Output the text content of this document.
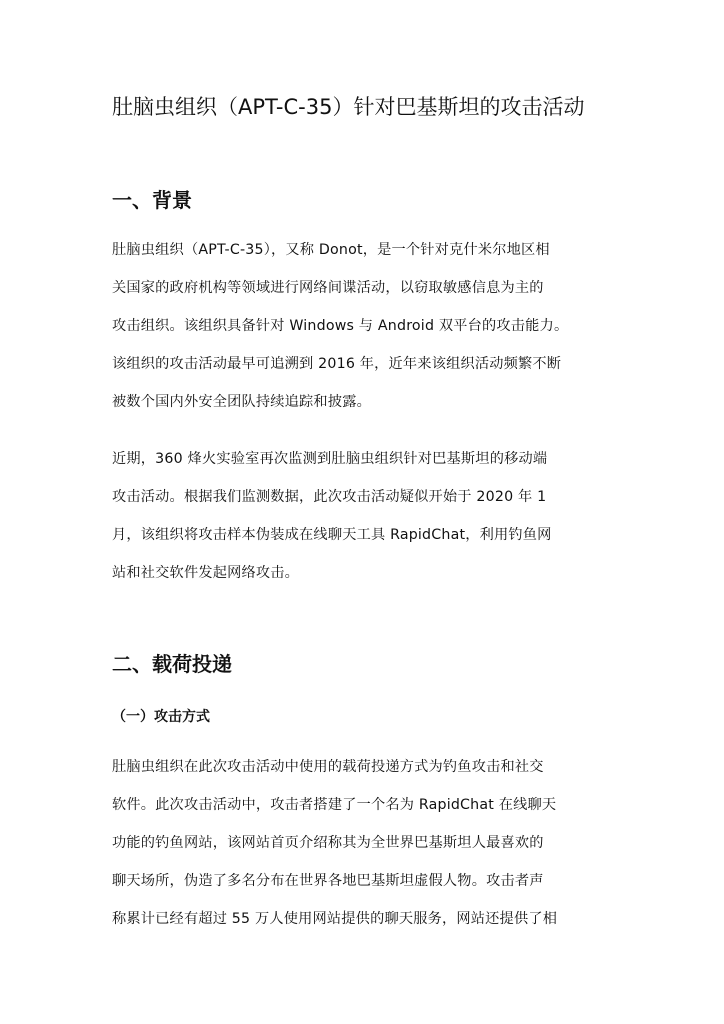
肚脑虫组织（APT-C-35）针对巴基斯坦的攻击活动
一、背景
肚脑虫组织（APT-C-35），又称 Donot，是一个针对克什米尔地区相
关国家的政府机构等领域进行网络间谍活动，以窃取敏感信息为主的
攻击组织。该组织具备针对 Windows 与 Android 双平台的攻击能力。
该组织的攻击活动最早可追溯到 2016 年，近年来该组织活动频繁不断
被数个国内外安全团队持续追踪和披露。
近期，360 烽火实验室再次监测到肚脑虫组织针对巴基斯坦的移动端
攻击活动。根据我们监测数据，此次攻击活动疑似开始于 2020 年 1
月，该组织将攻击样本伪装成在线聊天工具 RapidChat，利用钓鱼网
站和社交软件发起网络攻击。
二、载荷投递
（一）攻击方式
肚脑虫组织在此次攻击活动中使用的载荷投递方式为钓鱼攻击和社交
软件。此次攻击活动中，攻击者搭建了一个名为 RapidChat 在线聊天
功能的钓鱼网站，该网站首页介绍称其为全世界巴基斯坦人最喜欢的
聊天场所，伪造了多名分布在世界各地巴基斯坦虚假人物。攻击者声
称累计已经有超过 55 万人使用网站提供的聊天服务，网站还提供了相
